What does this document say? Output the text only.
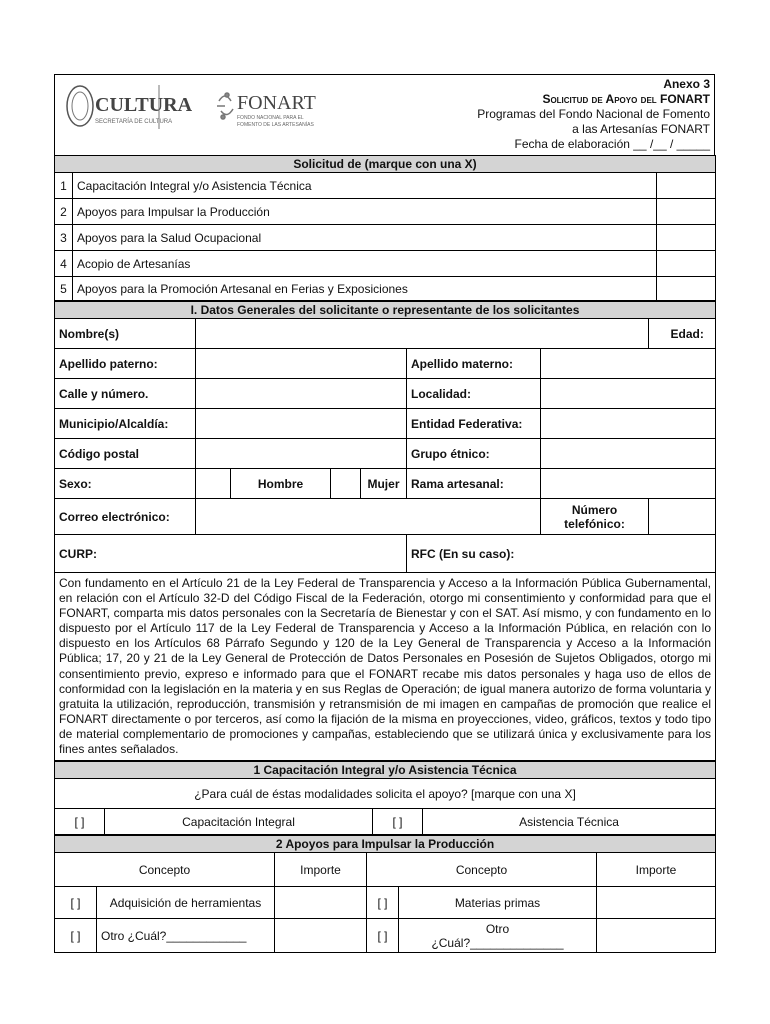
CULTURA
SECRETARÍA DE CULTURA
FONART
FONDO NACIONAL PARA EL
FOMENTO DE LAS ARTESANÍAS
Anexo 3
Solicitud de Apoyo del FONART
Programas del Fondo Nacional de Fomento
a las Artesanías FONART
Fecha de elaboración __ /__ / _____
Solicitud de (marque con una X)		
1	Capacitación Integral y/o Asistencia Técnica	
2	Apoyos para Impulsar la Producción	
3	Apoyos para la Salud Ocupacional	
4	Acopio de Artesanías	
5	Apoyos para la Promoción Artesanal en Ferias y Exposiciones	
I. Datos Generales del solicitante o representante de los solicitantes								
Nombre(s)								Edad:
Apellido paterno:					Apellido materno:			
Calle y número.					Localidad:			
Municipio/Alcaldía:					Entidad Federativa:			
Código postal					Grupo étnico:			
Sexo:		Hombre		Mujer	Rama artesanal:			
Correo electrónico:						Número
telefónico:		
CURP:					RFC (En su caso):			
Con fundamento en el Artículo 21 de la Ley Federal de Transparencia y Acceso a la Información Pública Gubernamental, en relación con el Artículo 32-D del Código Fiscal de la Federación, otorgo mi consentimiento y conformidad para que el FONART, comparta mis datos personales con la Secretaría de Bienestar y con el SAT. Así mismo, y con fundamento en lo dispuesto por el Artículo 117 de la Ley Federal de Transparencia y Acceso a la Información Pública, en relación con lo dispuesto en los Artículos 68 Párrafo Segundo y 120 de la Ley General de Transparencia y Acceso a la Información Pública; 17, 20 y 21 de la Ley General de Protección de Datos Personales en Posesión de Sujetos Obligados, otorgo mi consentimiento previo, expreso e informado para que el FONART recabe mis datos personales y haga uso de ellos de conformidad con la legislación en la materia y en sus Reglas de Operación; de igual manera autorizo de forma voluntaria y gratuita la utilización, reproducción, transmisión y retransmisión de mi imagen en campañas de promoción que realice el FONART directamente o por terceros, así como la fijación de la misma en proyecciones, video, gráficos, textos y todo tipo de material complementario de promociones y campañas, estableciendo que se utilizará única y exclusivamente para los fines antes señalados.								
1 Capacitación Integral y/o Asistencia Técnica
¿Para cuál de éstas modalidades solicita el apoyo? [marque con una X]
[ ]	Capacitación Integral	[ ]	Asistencia Técnica
2 Apoyos para Impulsar la Producción					
Concepto		Importe	Concepto		Importe
[ ]	Adquisición de herramientas		[ ]	Materias primas	
[ ]	Otro ¿Cuál?____________		[ ]	Otro
¿Cuál?______________	
